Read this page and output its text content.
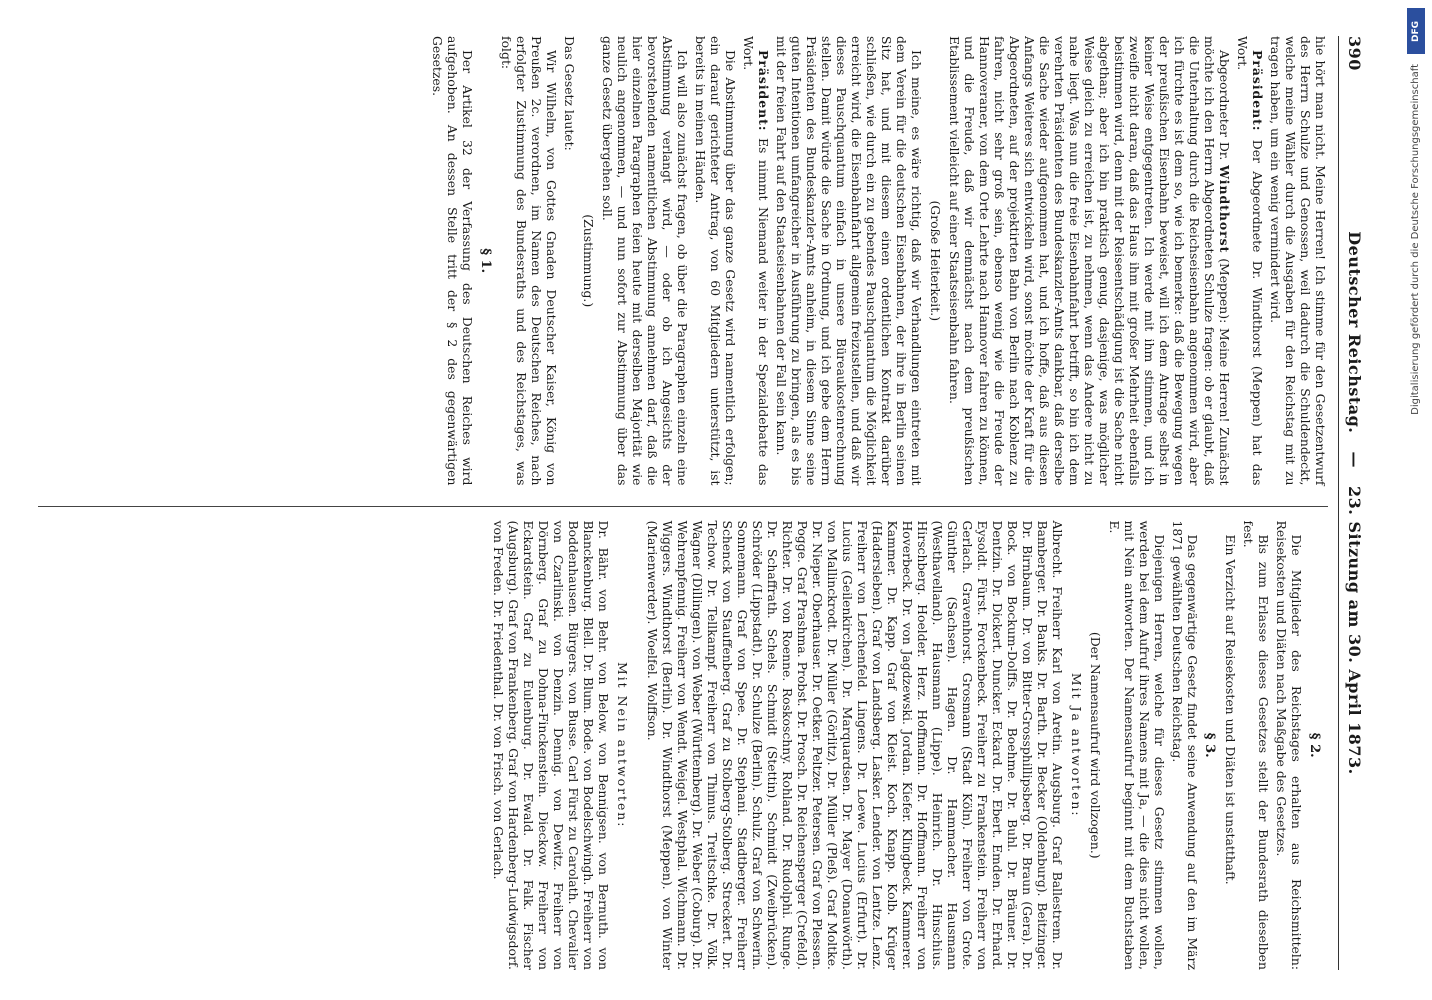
390
Deutscher Reichstag. — 23. Sitzung am 30. April 1873.

hie hört man nicht. Meine Herren! Ich stimme für den Gesetzentwurf des Herrn Schulze und Genossen, weil dadurch die Schuldendeckt, welche meine Wähler durch die Ausgaben für den Reichstag mit zu tragen haben, um ein wenig vermindert wird.

Präsident: Der Abgeordnete Dr. Windthorst (Meppen) hat das Wort.

Abgeordneter Dr. Windthorst (Meppen): Meine Herren! Zunächst möchte ich den Herrn Abgeordneten Schulze fragen: ob er glaubt, daß die Unterhaltung durch die Reichseisenbahn angenommen wird, aber ich fürchte es ist dem so, wie ich bemerke: daß die Bewegung wegen der preußischen Eisenbahn beweiset, will ich dem Antrage selbst in keiner Weise entgegentreten. Ich werde mit ihm stimmen, und ich zweifle nicht daran, daß das Haus ihm mit großer Mehrheit ebenfalls beistimmen wird, denn mit der Reiseentschädigung ist die Sache nicht abgethan; aber ich bin praktisch genug, dasjenige, was möglicher Weise gleich zu erreichen ist, zu nehmen, wenn das Andere nicht zu nahe liegt. Was nun die freie Eisenbahnfahrt betrifft, so bin ich dem verehrten Präsidenten des Bundeskanzler-Amts dankbar, daß derselbe die Sache wieder aufgenommen hat, und ich hoffe, daß aus diesen Anfangs Weiteres sich entwickeln wird, sonst möchte der Kraft für die Abgeordneten, auf der projektirten Bahn von Berlin nach Koblenz zu fahren, nicht sehr groß sein, ebenso wenig wie die Freude der Hannoveraner, von dem Orte Lehrte nach Hannover fahren zu können, und die Freude, daß wir demnächst nach dem preußischen Etablissement vielleicht auf einer Staatseisenbahn fahren.

(Große Heiterkeit.)

Ich meine, es wäre richtig, daß wir Verhandlungen eintreten mit dem Verein für die deutschen Eisenbahnen, der ihre in Berlin seinen Sitz hat, und mit diesem einen ordentlichen Kontrakt darüber schließen, wie durch ein zu gebendes Pauschquantum die Möglichkeit erreicht wird, die Eisenbahnfahrt allgemein freizustellen, und daß wir dieses Pauschquantum einfach in unsere Büreaukostenrechnung stellen. Damit würde die Sache in Ordnung, und ich gebe dem Herrn Präsidenten des Bundeskanzler-Amts anheim, in diesem Sinne seine guten Intentionen umfangreicher in Ausführung zu bringen, als es bis mit der freien Fahrt auf den Staatseisenbahnen der Fall sein kann.

Präsident: Es nimmt Niemand weiter in der Spezialdebatte das Wort.

Die Abstimmung über das ganze Gesetz wird namentlich erfolgen; ein darauf gerichteter Antrag, von 60 Mitgliedern unterstützt, ist bereits in meinen Händen.

Ich will also zunächst fragen, ob über die Paragraphen einzeln eine Abstimmung verlangt wird, — oder ob ich Angesichts der bevorstehenden namentlichen Abstimmung annehmen darf, daß die hier einzelnen Paragraphen feien heute mit derselben Majorität wie neulich angenommen, — und nun sofort zur Abstimmung über das ganze Gesetz übergehen soll.

(Zustimmung.)

Das Gesetz lautet:

Wir Wilhelm, von Gottes Gnaden Deutscher Kaiser, König von Preußen 2c. verordnen, im Namen des Deutschen Reiches, nach erfolgter Zustimmung des Bundesraths und des Reichstages, was folgt:

§ 1.

Der Artikel 32 der Verfassung des Deutschen Reiches wird aufgehoben. An dessen Stelle tritt der § 2 des gegenwärtigen Gesetzes.

§ 2.

Die Mitglieder des Reichstages erhalten aus Reichsmitteln: Reisekosten und Diäten nach Maßgabe des Gesetzes.

Bis zum Erlasse dieses Gesetzes stellt der Bundesrath dieselben fest.

Ein Verzicht auf Reisekosten und Diäten ist unstatthaft.

§ 3.

Das gegenwärtige Gesetz findet seine Anwendung auf den im März 1871 gewählten Deutschen Reichstag.

Diejenigen Herren, welche für dieses Gesetz stimmen wollen, werden bei dem Aufruf ihres Namens mit Ja, — die dies nicht wollen, mit Nein antworten. Der Namensaufruf beginnt mit dem Buchstaben E.

(Der Namensaufruf wird vollzogen.)

Mit Ja antworten:

Albrecht. Freiherr Karl von Aretin. Augsburg. Graf Ballestrem. Dr. Bamberger. Dr. Banks. Dr. Barth. Dr. Becker (Oldenburg). Beitzinger. Dr. Birnbaum. Dr. von Bitter-Grossphillipsberg. Dr. Braun (Gera). Dr. Bock. von Bockum-Dolffs. Dr. Boehme. Dr. Buhl. Dr. Bräuner. Dr. Dentzin. Dr. Dickert. Duncker. Eckard. Dr. Ebert. Emden. Dr. Erhard. Eysoldt. Fürst. Forckenbeck. Freiherr zu Frankenstein. Freiherr von Gerlach. Gravenhorst. Grosmann (Stadt Köln). Freiherr von Grote. Günther (Sachsen). Hagen. Dr. Hammacher. Hausmann (Westhavelland). Hausmann (Lippe). Heinrich. Dr. Hinschius. Hirschberg. Hoelder. Herz. Hoffmann. Dr. Hoffmann. Freiherr von Hoverbeck. Dr. von Jagdzewski. Jordan. Kiefer. Klingbeck. Kammerer. Kammer. Dr. Kapp. Graf von Kleist. Koch. Knapp. Kolb. Krüger (Hadersleben). Graf von Landsberg. Lasker. Lender. von Lentze. Lenz. Freiherr von Lerchenfeld. Lingens. Dr. Loewe. Lucius (Erfurt). Dr. Lucius (Geilenkirchen). Dr. Marquardsen. Dr. Mayer (Donauwörth). von Mallinckrodt. Dr. Müller (Görlitz). Dr. Müller (Pleß). Graf Moltke. Dr. Nieper. Oberhauser. Dr. Oetker. Peltzer. Petersen. Graf von Plessen. Pogge. Graf Prashma. Probst. Dr. Prosch. Dr. Reichensperger (Crefeld). Richter. Dr. von Roenne. Roskoschny. Rohland. Dr. Rudolphi. Runge. Dr. Schaffrath. Schels. Schmidt (Stettin). Schmidt (Zweibrücken). Schröder (Lippstadt). Dr. Schulze (Berlin). Schulz. Graf von Schwerin. Sonnemann. Graf von Spee. Dr. Stephani. Stadtberger. Freiherr Schenck von Stauffenberg. Graf zu Stolberg-Stolberg. Streckert. Dr. Techow. Dr. Tellkampf. Freiherr von Thimus. Treitschke. Dr. Völk. Wagner (Dillingen). von Weber (Württemberg). Dr. Weber (Coburg). Dr. Wehrenpfennig. Freiherr von Wendt. Weigel. Westphal. Wichmann. Dr. Wiggers. Windthorst (Berlin). Dr. Windthorst (Meppen). von Winter (Marienwerder). Woelfel. Wolffson.

Mit Nein antworten:

Dr. Bähr. von Behr. von Below. von Bennigsen. von Bernuth. von Blanckenburg. Blell. Dr. Blum. Bode. von Bodelschwingh. Freiherr von Boddenhausen. Bürgers. von Busse. Carl Fürst zu Carolath. Chevalier von Czarlinski. von Denzin. Dennig. von Dewitz. Freiherr von Dörnberg. Graf zu Dohna-Finckenstein. Dieckow. Freiherr von Eckardstein. Graf zu Eulenburg. Dr. Ewald. Dr. Falk. Fischer (Augsburg). Graf von Frankenberg. Graf von Hardenberg-Ludwigsdorf. von Freden. Dr. Friedenthal. Dr. von Frisch. von Gerlach.

DFG
Digitalisierung gefördert durch die Deutsche Forschungsgemeinschaft
